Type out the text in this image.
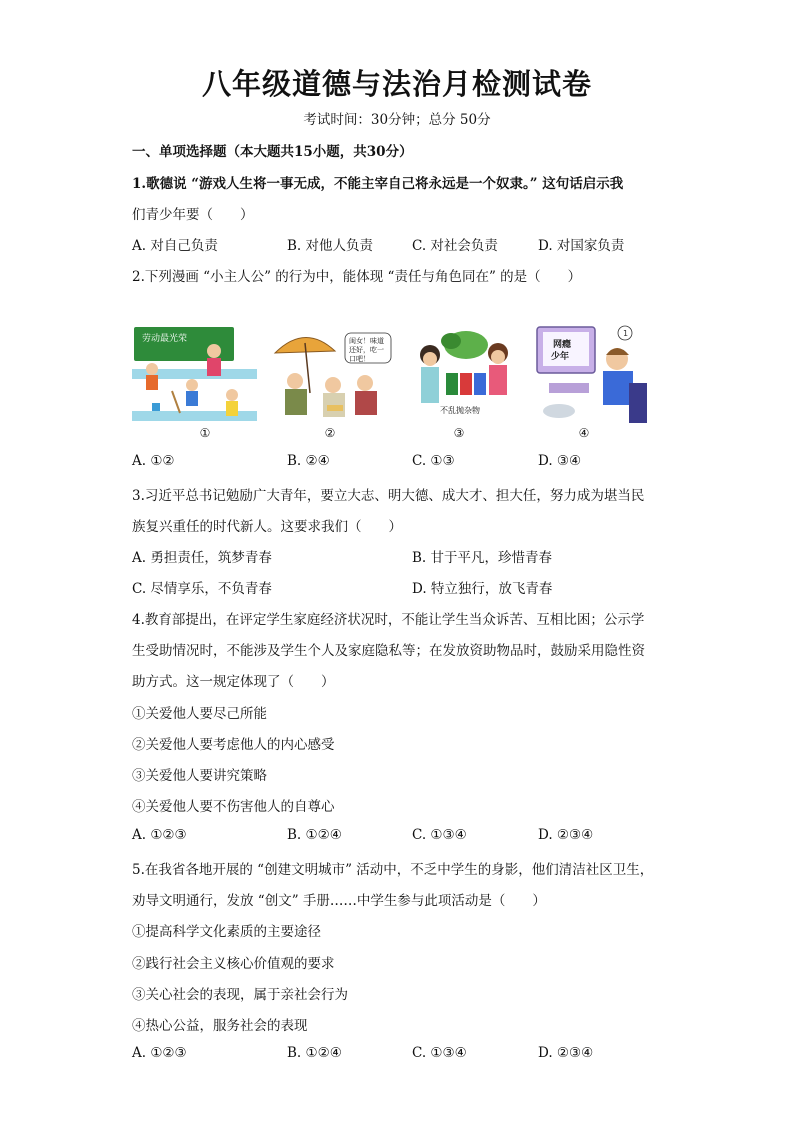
八年级道德与法治月检测试卷
考试时间：30分钟；总分 50分
一、单项选择题（本大题共15小题，共30分）
1.歌德说 “游戏人生将一事无成，不能主宰自己将永远是一个奴隶。” 这句话启示我
们青少年要（　　）
A. 对自己负责	B. 对他人负责	C. 对社会负责	D. 对国家负责
2.下列漫画 “小主人公” 的行为中，能体现 “责任与角色同在” 的是（　　）
劳动最光荣
①
闺女！味道
还好，吃一
口吧！
②
不乱抛杂物
③
网瘾
少年
1
④
A. ①②	B. ②④	C. ①③	D. ③④
3.习近平总书记勉励广大青年，要立大志、明大德、成大才、担大任，努力成为堪当民
族复兴重任的时代新人。这要求我们（　　）
A. 勇担责任，筑梦青春	B. 甘于平凡，珍惜青春
C. 尽情享乐，不负青春	D. 特立独行，放飞青春
4.教育部提出，在评定学生家庭经济状况时，不能让学生当众诉苦、互相比困；公示学
生受助情况时，不能涉及学生个人及家庭隐私等；在发放资助物品时，鼓励采用隐性资
助方式。这一规定体现了（　　）
①关爱他人要尽己所能
②关爱他人要考虑他人的内心感受
③关爱他人要讲究策略
④关爱他人要不伤害他人的自尊心
A. ①②③	B. ①②④	C. ①③④	D. ②③④
5.在我省各地开展的 “创建文明城市” 活动中，不乏中学生的身影，他们清洁社区卫生，
劝导文明通行，发放 “创文” 手册……中学生参与此项活动是（　　）
①提高科学文化素质的主要途径
②践行社会主义核心价值观的要求
③关心社会的表现，属于亲社会行为
④热心公益，服务社会的表现
A. ①②③	B. ①②④	C. ①③④	D. ②③④
